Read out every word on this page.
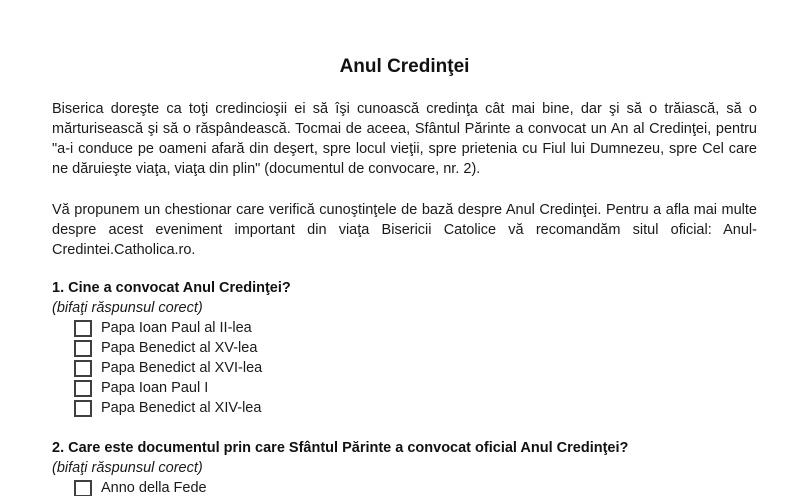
Anul Credinţei

Biserica doreşte ca toţi credincioşii ei să îşi cunoască credinţa cât mai bine, dar şi să o trăiască, să o mărturisească şi să o răspândească. Tocmai de aceea, Sfântul Părinte a convocat un An al Credinţei, pentru "a-i conduce pe oameni afară din deşert, spre locul vieţii, spre prietenia cu Fiul lui Dumnezeu, spre Cel care ne dăruieşte viaţa, viaţa din plin" (documentul de convocare, nr. 2).

Vă propunem un chestionar care verifică cunoştinţele de bază despre Anul Credinţei. Pentru a afla mai multe despre acest eveniment important din viaţa Bisericii Catolice vă recomandăm situl oficial: Anul-Credintei.Catholica.ro.

1. Cine a convocat Anul Credinţei?
(bifaţi răspunsul corect)
Papa Ioan Paul al II-lea
Papa Benedict al XV-lea
Papa Benedict al XVI-lea
Papa Ioan Paul I
Papa Benedict al XIV-lea
2. Care este documentul prin care Sfântul Părinte a convocat oficial Anul Credinţei?
(bifaţi răspunsul corect)
Anno della Fede
